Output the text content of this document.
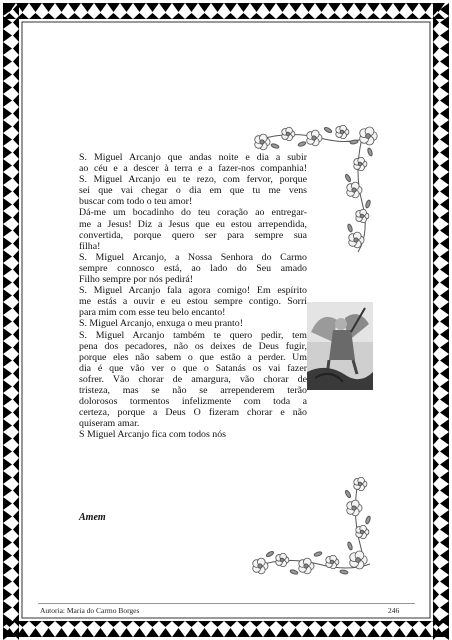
S. Miguel Arcanjo que andas noite e dia a subir
ao céu e a descer à terra e a fazer-nos companhia!
S. Miguel Arcanjo eu te rezo, com fervor, porque
sei que vai chegar o dia em que tu me vens
buscar com todo o teu amor!
Dá-me um bocadinho do teu coração ao entregar-
me a Jesus! Diz a Jesus que eu estou arrependida,
convertida, porque quero ser para sempre sua
filha!
S. Miguel Arcanjo, a Nossa Senhora do Carmo
sempre connosco está, ao lado do Seu amado
Filho sempre por nós pedirá!
S. Miguel Arcanjo fala agora comigo! Em espírito
me estás a ouvir e eu estou sempre contigo. Sorri
para mim com esse teu belo encanto!
S. Miguel Arcanjo, enxuga o meu pranto!
S. Miguel Arcanjo também te quero pedir, tem
pena dos pecadores, não os deixes de Deus fugir,
porque eles não sabem o que estão a perder. Um
dia é que vão ver o que o Satanás os vai fazer
sofrer. Vão chorar de amargura, vão chorar de
tristeza, mas se não se arrependerem terão
dolorosos tormentos infelizmente com toda a
certeza, porque a Deus O fizeram chorar e não
quiseram amar.
S Miguel Arcanjo fica com todos nós
Amem
Autoria: Maria do Carmo Borges	246
